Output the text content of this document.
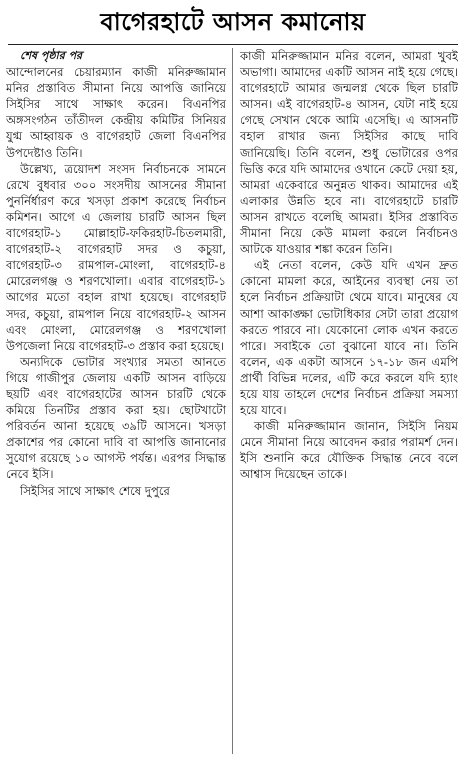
বাগেরহাটে আসন কমানোয়

শেষ পৃষ্ঠার পর

আন্দোলনের চেয়ারম্যান কাজী মনিরুজ্জামান মনির প্রস্তাবিত সীমানা নিয়ে আপত্তি জানিয়ে সিইসির সাথে সাক্ষাৎ করেন। বিএনপির অঙ্গসংগঠন তাঁতীদল কেন্দ্রীয় কমিটির সিনিয়র যুগ্ম আহ্বায়ক ও বাগেরহাট জেলা বিএনপির উপদেষ্টাও তিনি।

উল্লেখ্য, ত্রয়োদশ সংসদ নির্বাচনকে সামনে রেখে বুধবার ৩০০ সংসদীয় আসনের সীমানা পুনর্নির্ধারণ করে খসড়া প্রকাশ করেছে নির্বাচন কমিশন। আগে এ জেলায় চারটি আসন ছিল বাগেরহাট-১ মোল্লাহাট-ফকিরহাট-চিতলমারী, বাগেরহাট-২ বাগেরহাট সদর ও কচুয়া, বাগেরহাট-৩ রামপাল-মোংলা, বাগেরহাট-৪ মোরেলগঞ্জ ও শরণখোলা। এবার বাগেরহাট-১ আগের মতো বহাল রাখা হয়েছে। বাগেরহাট সদর, কচুয়া, রামপাল নিয়ে বাগেরহাট-২ আসন এবং মোংলা, মোরেলগঞ্জ ও শরণখোলা উপজেলা নিয়ে বাগেরহাট-৩ প্রস্তাব করা হয়েছে।

অন্যদিকে ভোটার সংখ্যার সমতা আনতে গিয়ে গাজীপুর জেলায় একটি আসন বাড়িয়ে ছয়টি এবং বাগেরহাটের আসন চারটি থেকে কমিয়ে তিনটির প্রস্তাব করা হয়। ছোটখাটো পরিবর্তন আনা হয়েছে ৩৯টি আসনে। খসড়া প্রকাশের পর কোনো দাবি বা আপত্তি জানানোর সুযোগ রয়েছে ১০ আগস্ট পর্যন্ত। এরপর সিদ্ধান্ত নেবে ইসি।

সিইসির সাথে সাক্ষাৎ শেষে দুপুরে

কাজী মনিরুজ্জামান মনির বলেন, আমরা খুবই অভাগা। আমাদের একটি আসন নাই হয়ে গেছে। বাগেরহাটে আমার জন্মলগ্ন থেকে ছিল চারটি আসন। এই বাগেরহাট-৪ আসন, যেটা নাই হয়ে গেছে সেখান থেকে আমি এসেছি। এ আসনটি বহাল রাখার জন্য সিইসির কাছে দাবি জানিয়েছি। তিনি বলেন, শুধু ভোটারের ওপর ভিত্তি করে যদি আমাদের ওখানে কেটে দেয়া হয়, আমরা একেবারে অনুন্নত থাকব। আমাদের এই এলাকার উন্নতি হবে না। বাগেরহাটে চারটি আসন রাখতে বলেছি আমরা। ইসির প্রস্তাবিত সীমানা নিয়ে কেউ মামলা করলে নির্বাচনও আটকে যাওয়ার শঙ্কা করেন তিনি।

এই নেতা বলেন, কেউ যদি এখন দ্রুত কোনো মামলা করে, আইনের ব্যবস্থা নেয় তা হলে নির্বাচন প্রক্রিয়াটা থেমে যাবে। মানুষের যে আশা আকাঙ্ক্ষা ভোটাধিকার সেটা তারা প্রয়োগ করতে পারবে না। যেকোনো লোক এখন করতে পারে। সবাইকে তো বুঝানো যাবে না। তিনি বলেন, এক একটা আসনে ১৭-১৮ জন এমপি প্রার্থী বিভিন্ন দলের, এটি করে করলে যদি হ্যাং হয়ে যায় তাহলে দেশের নির্বাচন প্রক্রিয়া সমস্যা হয়ে যাবে।

কাজী মনিরুজ্জামান জানান, সিইসি নিয়ম মেনে সীমানা নিয়ে আবেদন করার পরামর্শ দেন। ইসি শুনানি করে যৌক্তিক সিদ্ধান্ত নেবে বলে আশ্বাস দিয়েছেন তাকে।
